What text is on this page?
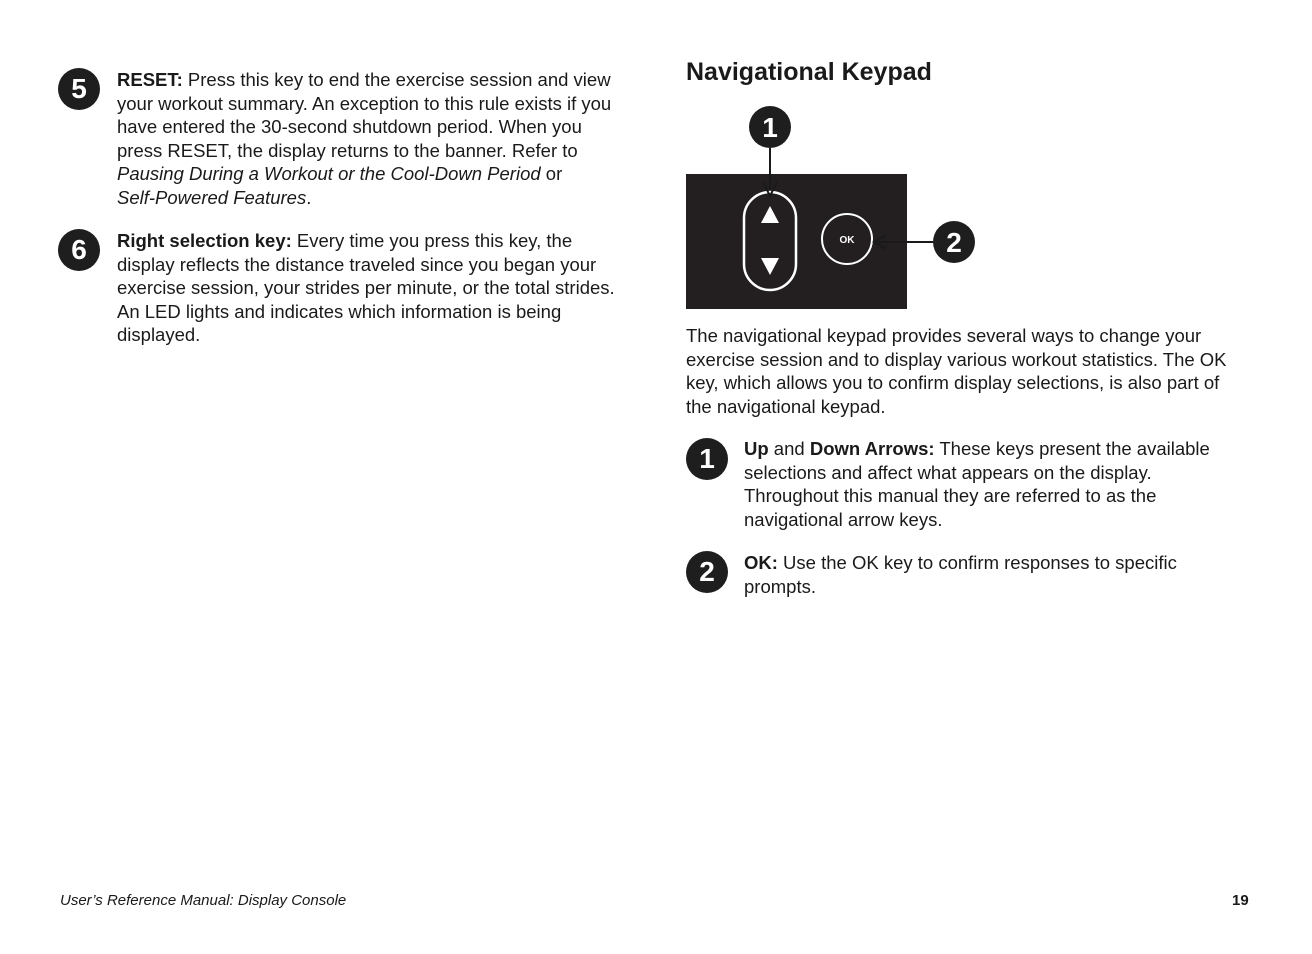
5	RESET: Press this key to end the exercise session and view
your workout summary. An exception to this rule exists if you
have entered the 30-second shutdown period. When you
press RESET, the display returns to the banner. Refer to
Pausing During a Workout or the Cool-Down Period or
Self-Powered Features.
6	Right selection key: Every time you press this key, the
display reflects the distance traveled since you began your
exercise session, your strides per minute, or the total strides.
An LED lights and indicates which information is being
displayed.
Navigational Keypad
OK
1
2
The navigational keypad provides several ways to change your
exercise session and to display various workout statistics. The OK
key, which allows you to confirm display selections, is also part of
the navigational keypad.
1	Up and Down Arrows: These keys present the available
selections and affect what appears on the display.
Throughout this manual they are referred to as the
navigational arrow keys.
2	OK: Use the OK key to confirm responses to specific
prompts.
User’s Reference Manual: Display Console	19
